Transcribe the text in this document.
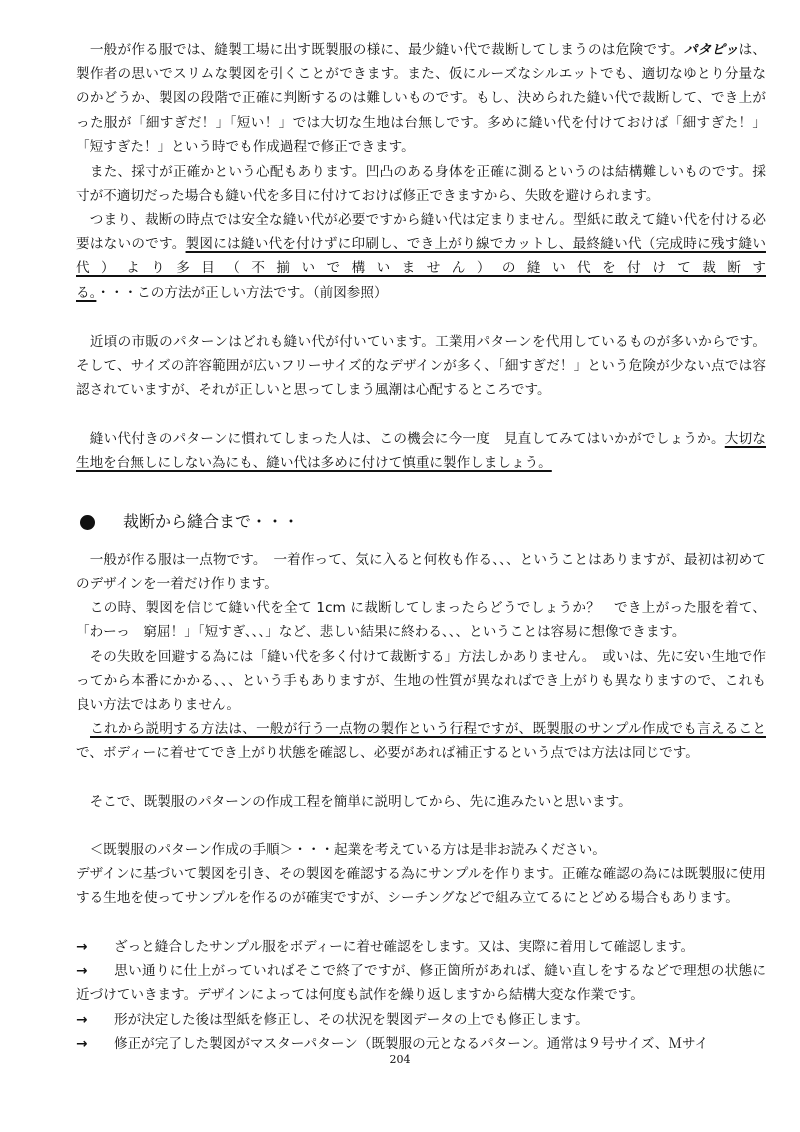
　一般が作る服では、縫製工場に出す既製服の様に、最少縫い代で裁断してしまうのは危険です。パタピッは、製作者の思いでスリムな製図を引くことができます。また、仮にルーズなシルエットでも、適切なゆとり分量なのかどうか、製図の段階で正確に判断するのは難しいものです。もし、決められた縫い代で裁断して、でき上がった服が「細すぎだ！」「短い！」では大切な生地は台無しです。多めに縫い代を付けておけば「細すぎた！」「短すぎた！」という時でも作成過程で修正できます。

　また、採寸が正確かという心配もあります。凹凸のある身体を正確に測るというのは結構難しいものです。採寸が不適切だった場合も縫い代を多目に付けておけば修正できますから、失敗を避けられます。

　つまり、裁断の時点では安全な縫い代が必要ですから縫い代は定まりません。型紙に敢えて縫い代を付ける必要はないのです。製図には縫い代を付けずに印刷し、でき上がり線でカットし、最終縫い代（完成時に残す縫い代）より多目（不揃いで構いません）の縫い代を付けて裁断する。・・・この方法が正しい方法です。（前図参照）

　近頃の市販のパターンはどれも縫い代が付いています。工業用パターンを代用しているものが多いからです。そして、サイズの許容範囲が広いフリーサイズ的なデザインが多く、「細すぎだ！」という危険が少ない点では容認されていますが、それが正しいと思ってしまう風潮は心配するところです。

　縫い代付きのパターンに慣れてしまった人は、この機会に今一度　見直してみてはいかがでしょうか。大切な生地を台無しにしない為にも、縫い代は多めに付けて慎重に製作しましょう。

裁断から縫合まで・・・

　一般が作る服は一点物です。　一着作って、気に入ると何枚も作る、、、ということはありますが、最初は初めてのデザインを一着だけ作ります。

　この時、製図を信じて縫い代を全て 1cm に裁断してしまったらどうでしょうか？　でき上がった服を着て、「わーっ　窮屈！」「短すぎ、、、」など、悲しい結果に終わる、、、ということは容易に想像できます。

　その失敗を回避する為には「縫い代を多く付けて裁断する」方法しかありません。　或いは、先に安い生地で作ってから本番にかかる、、、という手もありますが、生地の性質が異なればでき上がりも異なりますので、これも良い方法ではありません。

これから説明する方法は、一般が行う一点物の製作という行程ですが、既製服のサンプル作成でも言えることで、ボディーに着せてでき上がり状態を確認し、必要があれば補正するという点では方法は同じです。

　そこで、既製服のパターンの作成工程を簡単に説明してから、先に進みたいと思います。

　＜既製服のパターン作成の手順＞・・・起業を考えている方は是非お読みください。

デザインに基づいて製図を引き、その製図を確認する為にサンプルを作ります。正確な確認の為には既製服に使用する生地を使ってサンプルを作るのが確実ですが、シーチングなどで組み立てるにとどめる場合もあります。

→ ざっと縫合したサンプル服をボディーに着せ確認をします。又は、実際に着用して確認します。
→ 思い通りに仕上がっていればそこで終了ですが、修正箇所があれば、縫い直しをするなどで理想の状態に近づけていきます。デザインによっては何度も試作を繰り返しますから結構大変な作業です。
→ 形が決定した後は型紙を修正し、その状況を製図データの上でも修正します。
→ 修正が完了した製図がマスターパターン（既製服の元となるパターン。通常は９号サイズ、Ｍサイ
204
